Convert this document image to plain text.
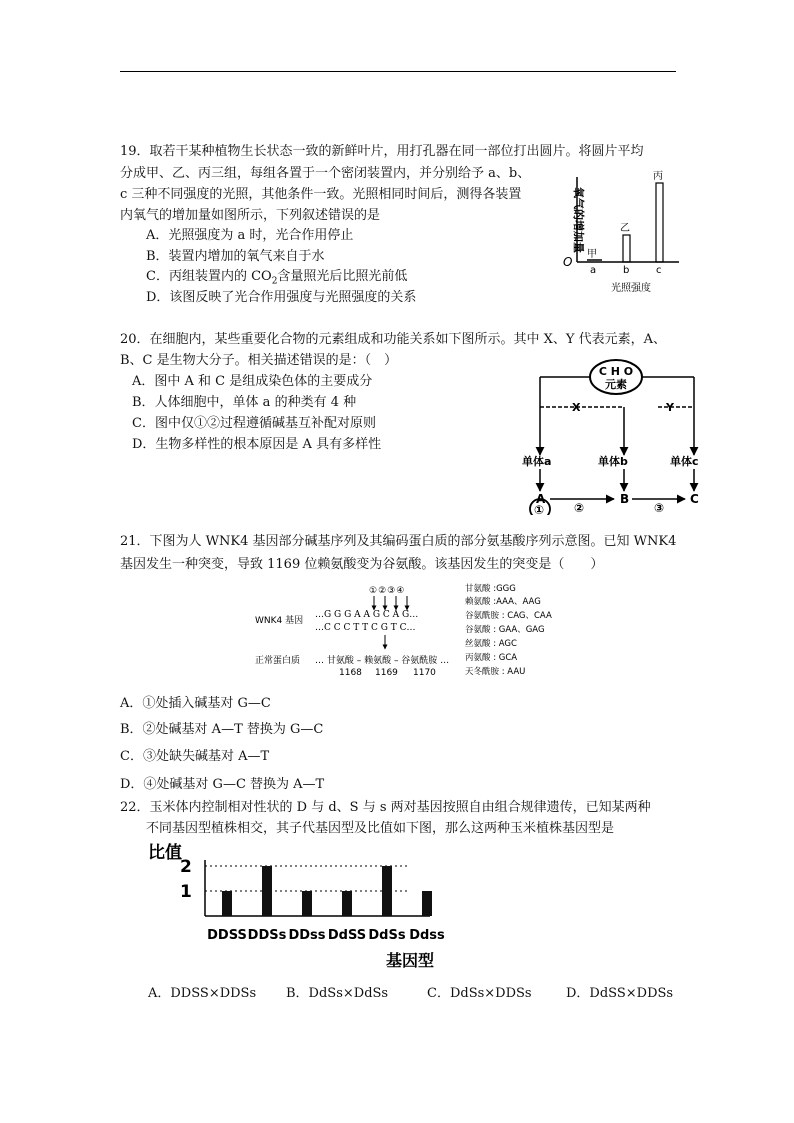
19．取若干某种植物生长状态一致的新鲜叶片，用打孔器在同一部位打出圆片。将圆片平均
分成甲、乙、丙三组，每组各置于一个密闭装置内，并分别给予 a、b、
c 三种不同强度的光照，其他条件一致。光照相同时间后，测得各装置
内氧气的增加量如图所示，下列叙述错误的是
A．光照强度为 a 时，光合作用停止
B．装置内增加的氧气来自于水
C．丙组装置内的 $CO_2$含量照光后比照光前低
D．该图反映了光合作用强度与光照强度的关系
氧气的增加量
O
甲
乙
丙
a	b	c
光照强度
20．在细胞内，某些重要化合物的元素组成和功能关系如下图所示。其中 X、Y 代表元素，A、
B、C 是生物大分子。相关描述错误的是：（　）
A．图中 A 和 C 是组成染色体的主要成分
B．人体细胞中，单体 a 的种类有 4 种
C．图中仅①②过程遵循碱基互补配对原则
D．生物多样性的根本原因是 A 具有多样性
C H O
元素
X	Y
单体a	单体b	单体c
A	B	C
① ②	③
21．下图为人 WNK4 基因部分碱基序列及其编码蛋白质的部分氨基酸序列示意图。已知 WNK4
基因发生一种突变，导致 1169 位赖氨酸变为谷氨酸。该基因发生的突变是（　　）
①②③④
WNK4 基因
…G G G A A G C A G…
…C C C T T C G T C…
正常蛋白质 … 甘氨酸 – 赖氨酸 – 谷氨酰胺 …
1168 1169 1170
甘氨酸 :GGG
赖氨酸 :AAA、AAG
谷氨酰胺 : CAG、CAA
谷氨酸 : GAA、GAG
丝氨酸 : AGC
丙氨酸 : GCA
天冬酰胺 : AAU
A．①处插入碱基对 G—C
B．②处碱基对 A—T 替换为 G—C
C．③处缺失碱基对 A—T
D．④处碱基对 G—C 替换为 A—T
22．玉米体内控制相对性状的 D 与 d、S 与 s 两对基因按照自由组合规律遗传，已知某两种
不同基因型植株相交，其子代基因型及比值如下图，那么这两种玉米植株基因型是
比值
1
2
DDSS DDSs DDss DdSS DdSs Ddss
基因型
A．DDSS×DDSs B．DdSs×DdSs	C．DdSs×DDSs	D．DdSS×DDSs
